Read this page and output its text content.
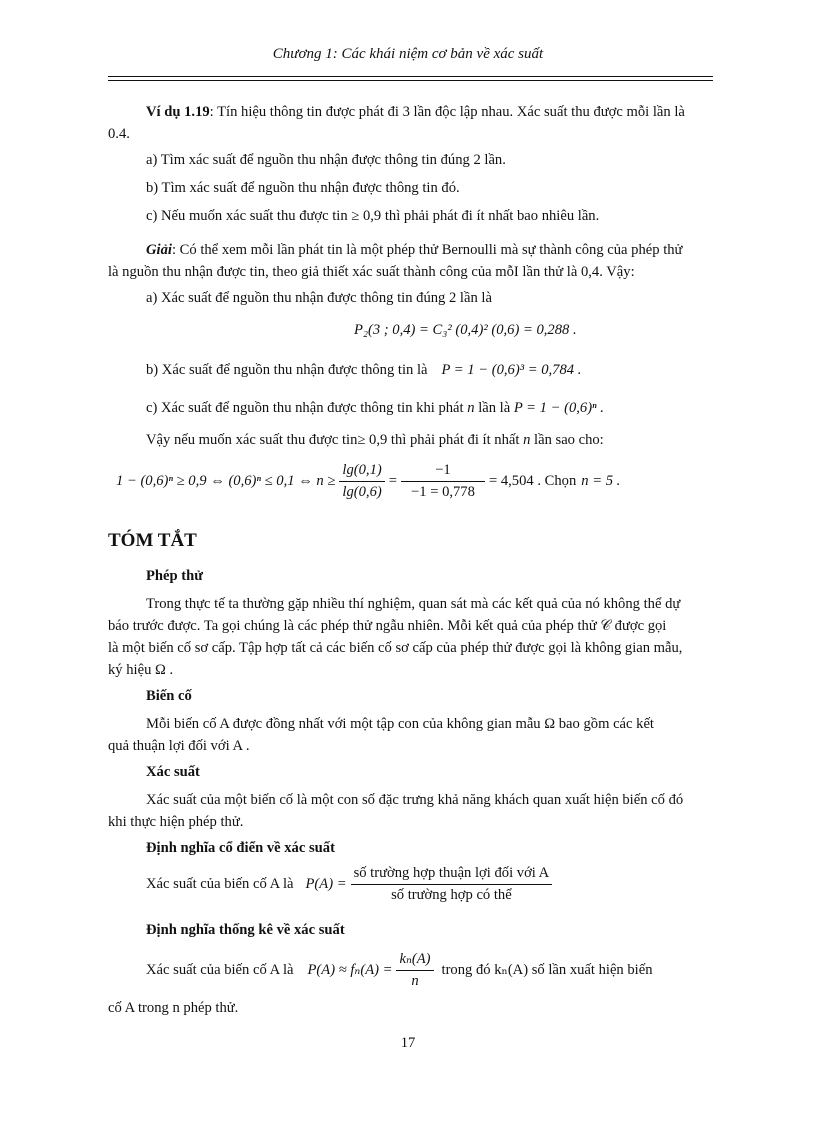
Chương 1: Các khái niệm cơ bản về xác suất
Ví dụ 1.19: Tín hiệu thông tin được phát đi 3 lần độc lập nhau. Xác suất thu được mỗi lần là
0.4.
a) Tìm xác suất để nguồn thu nhận được thông tin đúng 2 lần.
b) Tìm xác suất để nguồn thu nhận được thông tin đó.
c) Nếu muốn xác suất thu được tin ≥ 0,9 thì phải phát đi ít nhất bao nhiêu lần.
Giải: Có thể xem mỗi lần phát tin là một phép thử Bernoulli mà sự thành công của phép thử
là nguồn thu nhận được tin, theo giả thiết xác suất thành công của mỗI lần thử là 0,4. Vậy:
a) Xác suất để nguồn thu nhận được thông tin đúng 2 lần là
P₂(3 ; 0,4) = C₃² (0,4)² (0,6) = 0,288 .
b) Xác suất để nguồn thu nhận được thông tin là P = 1 − (0,6)³ = 0,784 .
c) Xác suất để nguồn thu nhận được thông tin khi phát n lần là P = 1 − (0,6)ⁿ .
Vậy nếu muốn xác suất thu được tin≥ 0,9 thì phải phát đi ít nhất n lần sao cho:
1 − (0,6)ⁿ ≥ 0,9 ⇔ (0,6)ⁿ ≤ 0,1 ⇔ $n \ge \frac{\lg(0,1)}{\lg(0,6)} = \frac{-1}{-1 = 0,778} = 4,504$ . Chọn n = 5 .
TÓM TẮT
Phép thử
Trong thực tế ta thường gặp nhiều thí nghiệm, quan sát mà các kết quả của nó không thể dự
báo trước được. Ta gọi chúng là các phép thử ngẫu nhiên. Mỗi kết quả của phép thử 𝒞 được gọi
là một biến cố sơ cấp. Tập hợp tất cả các biến cố sơ cấp của phép thử được gọi là không gian mẫu,
ký hiệu Ω .
Biến cố
Mỗi biến cố A được đồng nhất với một tập con của không gian mẫu Ω bao gồm các kết
quả thuận lợi đối với A .
Xác suất
Xác suất của một biến cố là một con số đặc trưng khả năng khách quan xuất hiện biến cố đó
khi thực hiện phép thử.
Định nghĩa cổ điển về xác suất
Xác suất của biến cố A là $P(A) = \frac{\text{số trường hợp thuận lợi đối với A}}{\text{số trường hợp có thể}}$
Định nghĩa thống kê về xác suất
Xác suất của biến cố A là $P(A) \approx f_n(A) = \frac{\text{kₙ(A)}}{n}$ trong đó kₙ(A) số lần xuất hiện biến
cố A trong n phép thử.
17
